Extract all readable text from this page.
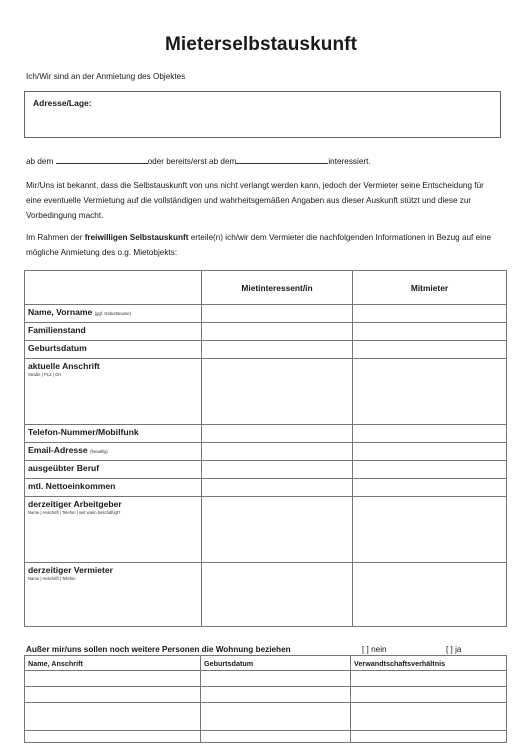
Mieterselbstauskunft
Ich/Wir sind an der Anmietung des Objektes
Adresse/Lage:
ab dem	oder bereits/erst ab dem	interessiert.
Mir/Uns ist bekannt, dass die Selbstauskunft von uns nicht verlangt werden kann, jedoch der Vermieter seine Entscheidung für eine eventuelle Vermietung auf die vollständigen und wahrheitsgemäßen Angaben aus dieser Auskunft stützt und diese zur Vorbedingung macht.
Im Rahmen der freiwilligen Selbstauskunft erteile(n) ich/wir dem Vermieter die nachfolgenden Informationen in Bezug auf eine mögliche Anmietung des o.g. Mietobjekts:
	Mietinteressent/in	Mitmieter
Name, Vorname (ggf. Geburtsname)		
Familienstand		
Geburtsdatum		
aktuelle Anschrift
Straße | PLZ | Ort		

Telefon-Nummer/Mobilfunk		
Email-Adresse (freiwillig)		
ausgeübter Beruf		
mtl. Nettoeinkommen		
derzeitiger Arbeitgeber
Name | Anschrift | Telefon | seit wann beschäftigt?		

derzeitiger Vermieter
Name | Anschrift | Telefon		

Außer mir/uns sollen noch weitere Personen die Wohnung beziehen	[ ] nein	[ ] ja
Name, Anschrift	Geburtsdatum	Verwandtschaftsverhältnis
